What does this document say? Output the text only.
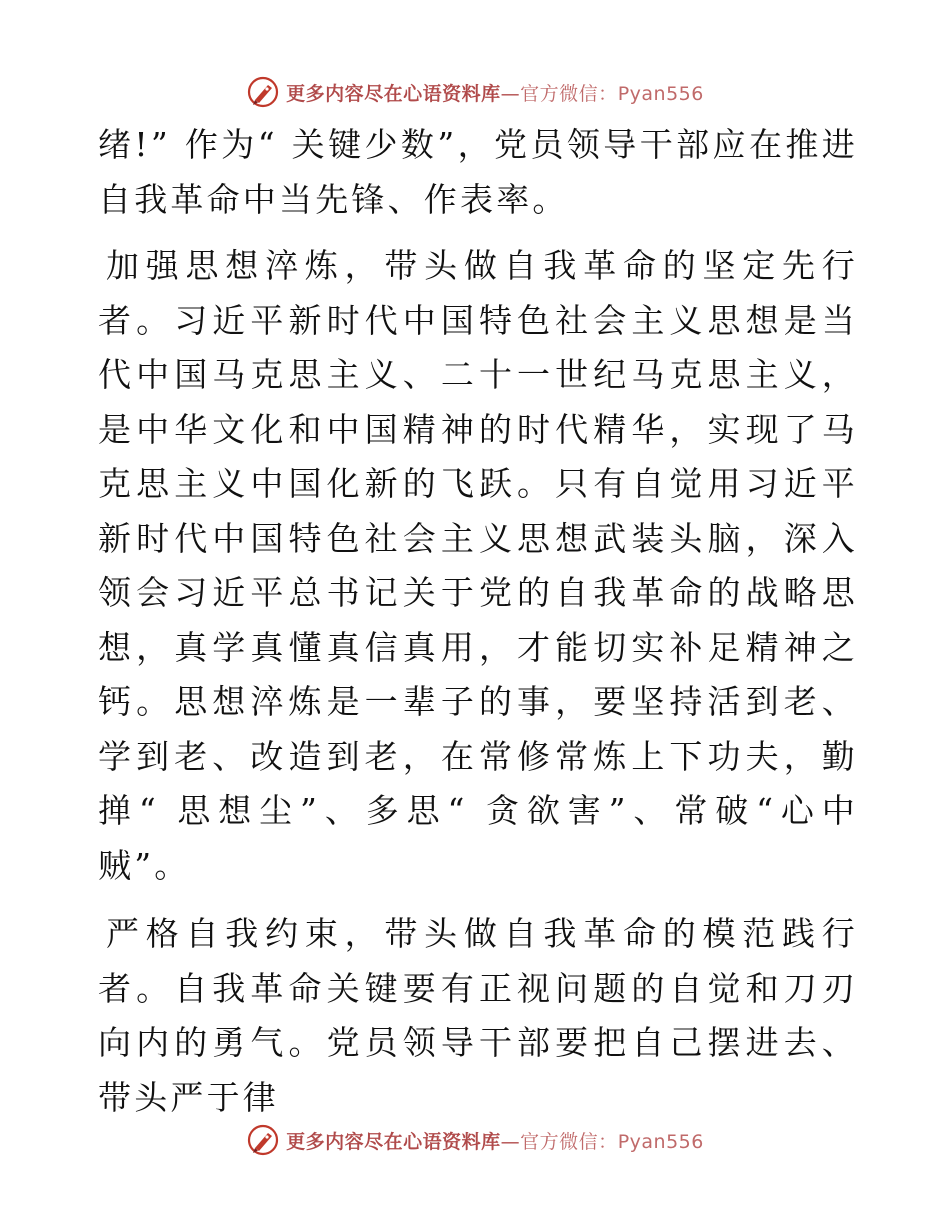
更多内容尽在心语资料库—官方微信：Pyan556

绪!” 作为“ 关键少数”，党员领导干部应在推进自我革命中当先锋、作表率。

加强思想淬炼，带头做自我革命的坚定先行者。习近平新时代中国特色社会主义思想是当代中国马克思主义、二十一世纪马克思主义，是中华文化和中国精神的时代精华，实现了马克思主义中国化新的飞跃。只有自觉用习近平新时代中国特色社会主义思想武装头脑，深入领会习近平总书记关于党的自我革命的战略思想，真学真懂真信真用，才能切实补足精神之钙。思想淬炼是一辈子的事，要坚持活到老、学到老、改造到老，在常修常炼上下功夫，勤掸“ 思想尘”、多思“ 贪欲害”、常破“心中贼”。

严格自我约束，带头做自我革命的模范践行者。自我革命关键要有正视问题的自觉和刀刃向内的勇气。党员领导干部要把自己摆进去、带头严于律

更多内容尽在心语资料库—官方微信：Pyan556
